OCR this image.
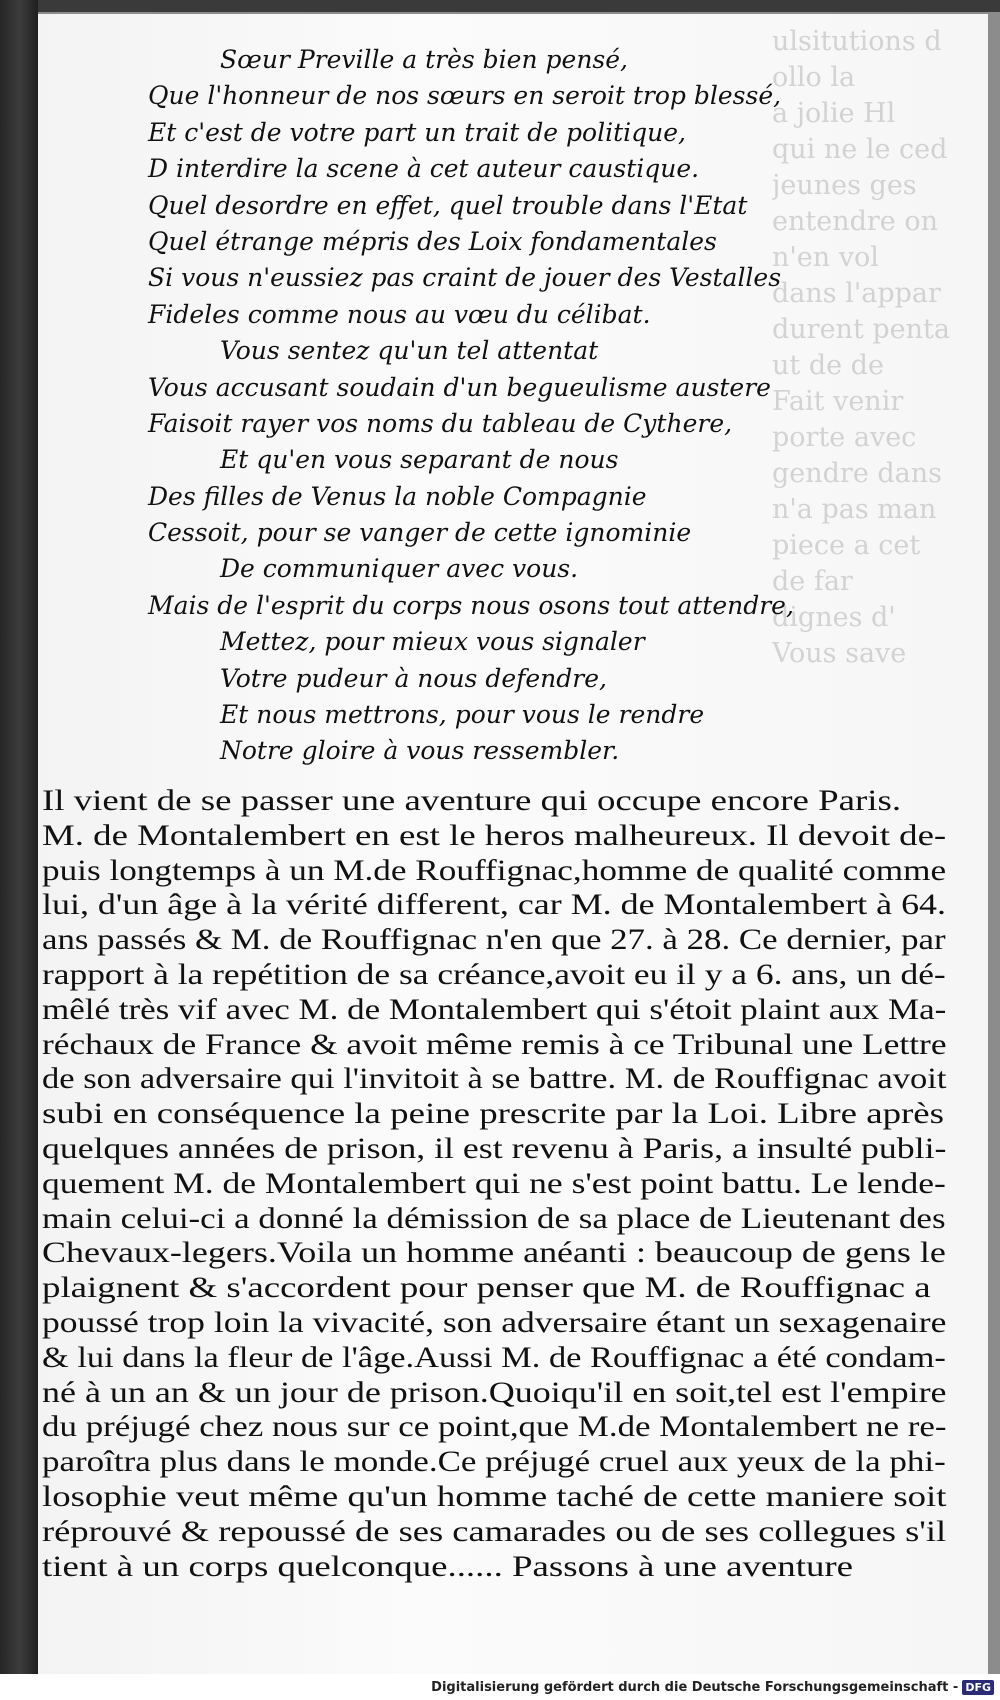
ulsitutions d
ollo la
a jolie Hl
qui ne le ced
jeunes ges
entendre on
n'en vol
dans l'appar
durent penta
ut de de
Fait venir
porte avec
gendre dans
n'a pas man
piece a cet
de far
dignes d'
Vous save
Sœur Preville a très bien pensé,
Que l'honneur de nos sœurs en seroit trop blessé,
Et c'est de votre part un trait de politique,
D interdire la scene à cet auteur caustique.
Quel desordre en effet, quel trouble dans l'Etat
Quel étrange mépris des Loix fondamentales
Si vous n'eussiez pas craint de jouer des Vestalles
Fideles comme nous au vœu du célibat.
Vous sentez qu'un tel attentat
Vous accusant soudain d'un begueulisme austere
Faisoit rayer vos noms du tableau de Cythere,
Et qu'en vous separant de nous
Des filles de Venus la noble Compagnie
Cessoit, pour se vanger de cette ignominie
De communiquer avec vous.
Mais de l'esprit du corps nous osons tout attendre,
Mettez, pour mieux vous signaler
Votre pudeur à nous defendre,
Et nous mettrons, pour vous le rendre
Notre gloire à vous ressembler.
Il vient de se passer une aventure qui occupe encore Paris.
M. de Montalembert en est le heros malheureux. Il devoit de-
puis longtemps à un M.de Rouffignac,homme de qualité comme
lui, d'un âge à la vérité different, car M. de Montalembert à 64.
ans passés & M. de Rouffignac n'en que 27. à 28. Ce dernier, par
rapport à la repétition de sa créance,avoit eu il y a 6. ans, un dé-
mêlé très vif avec M. de Montalembert qui s'étoit plaint aux Ma-
réchaux de France & avoit même remis à ce Tribunal une Lettre
de son adversaire qui l'invitoit à se battre. M. de Rouffignac avoit
subi en conséquence la peine prescrite par la Loi. Libre après
quelques années de prison, il est revenu à Paris, a insulté publi-
quement M. de Montalembert qui ne s'est point battu. Le lende-
main celui-ci a donné la démission de sa place de Lieutenant des
Chevaux-legers.Voila un homme anéanti : beaucoup de gens le
plaignent & s'accordent pour penser que M. de Rouffignac a
poussé trop loin la vivacité, son adversaire étant un sexagenaire
& lui dans la fleur de l'âge.Aussi M. de Rouffignac a été condam-
né à un an & un jour de prison.Quoiqu'il en soit,tel est l'empire
du préjugé chez nous sur ce point,que M.de Montalembert ne re-
paroîtra plus dans le monde.Ce préjugé cruel aux yeux de la phi-
losophie veut même qu'un homme taché de cette maniere soit
réprouvé & repoussé de ses camarades ou de ses collegues s'il
tient à un corps quelconque...... Passons à une aventure
Digitalisierung gefördert durch die Deutsche Forschungsgemeinschaft - DFG
